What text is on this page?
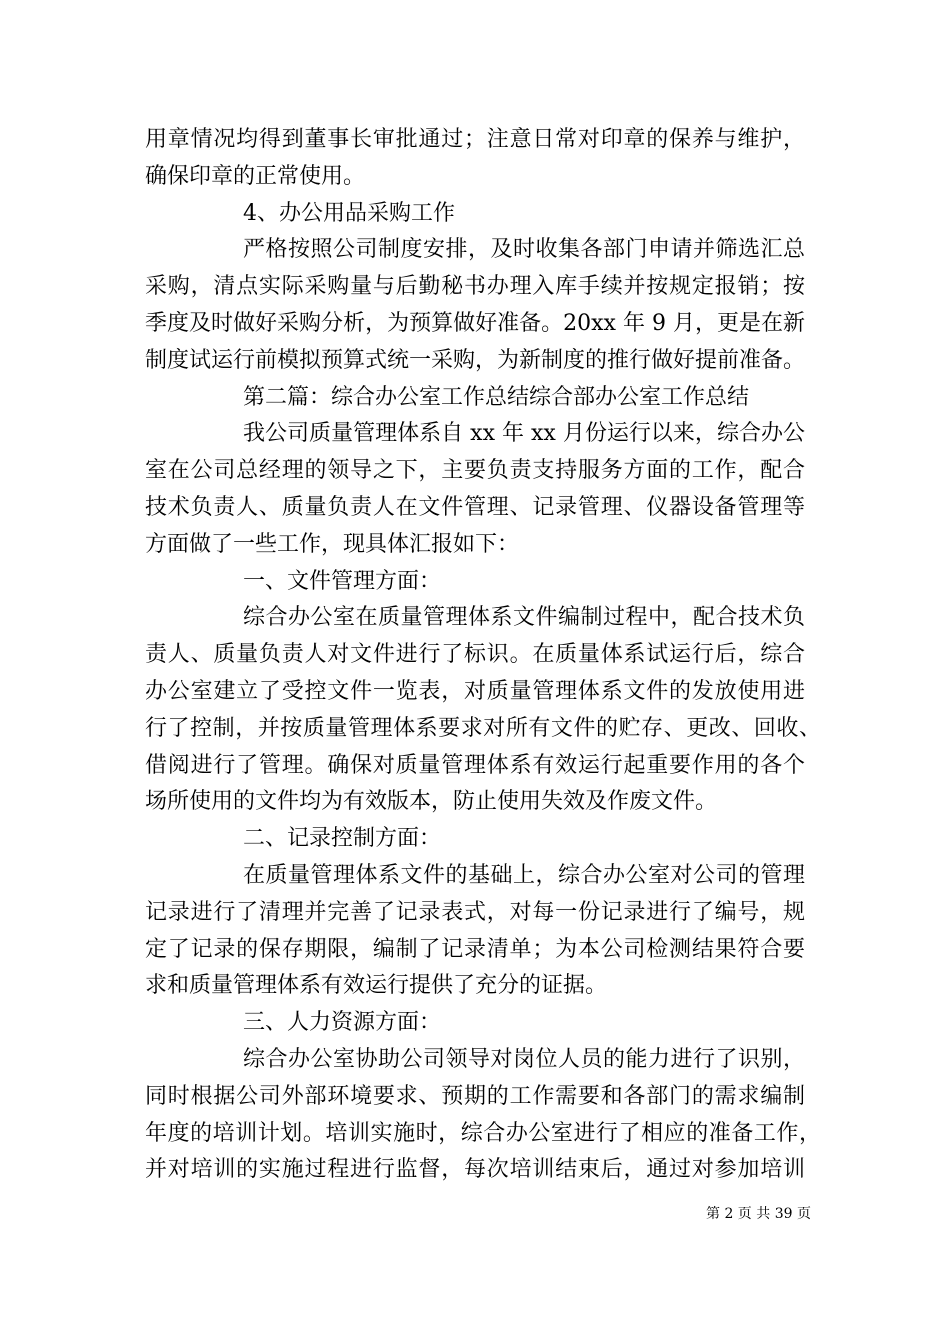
用章情况均得到董事长审批通过；注意日常对印章的保养与维护，
确保印章的正常使用。
4、办公用品采购工作
严格按照公司制度安排，及时收集各部门申请并筛选汇总
采购，清点实际采购量与后勤秘书办理入库手续并按规定报销；按
季度及时做好采购分析，为预算做好准备。20xx 年 9 月，更是在新
制度试运行前模拟预算式统一采购，为新制度的推行做好提前准备。
第二篇：综合办公室工作总结综合部办公室工作总结
我公司质量管理体系自 xx 年 xx 月份运行以来，综合办公
室在公司总经理的领导之下，主要负责支持服务方面的工作，配合
技术负责人、质量负责人在文件管理、记录管理、仪器设备管理等
方面做了一些工作，现具体汇报如下：
一、文件管理方面：
综合办公室在质量管理体系文件编制过程中，配合技术负
责人、质量负责人对文件进行了标识。在质量体系试运行后，综合
办公室建立了受控文件一览表，对质量管理体系文件的发放使用进
行了控制，并按质量管理体系要求对所有文件的贮存、更改、回收、
借阅进行了管理。确保对质量管理体系有效运行起重要作用的各个
场所使用的文件均为有效版本，防止使用失效及作废文件。
二、记录控制方面：
在质量管理体系文件的基础上，综合办公室对公司的管理
记录进行了清理并完善了记录表式，对每一份记录进行了编号，规
定了记录的保存期限，编制了记录清单；为本公司检测结果符合要
求和质量管理体系有效运行提供了充分的证据。
三、人力资源方面：
综合办公室协助公司领导对岗位人员的能力进行了识别，
同时根据公司外部环境要求、预期的工作需要和各部门的需求编制
年度的培训计划。培训实施时，综合办公室进行了相应的准备工作，
并对培训的实施过程进行监督，每次培训结束后，通过对参加培训
第 2 页 共 39 页
